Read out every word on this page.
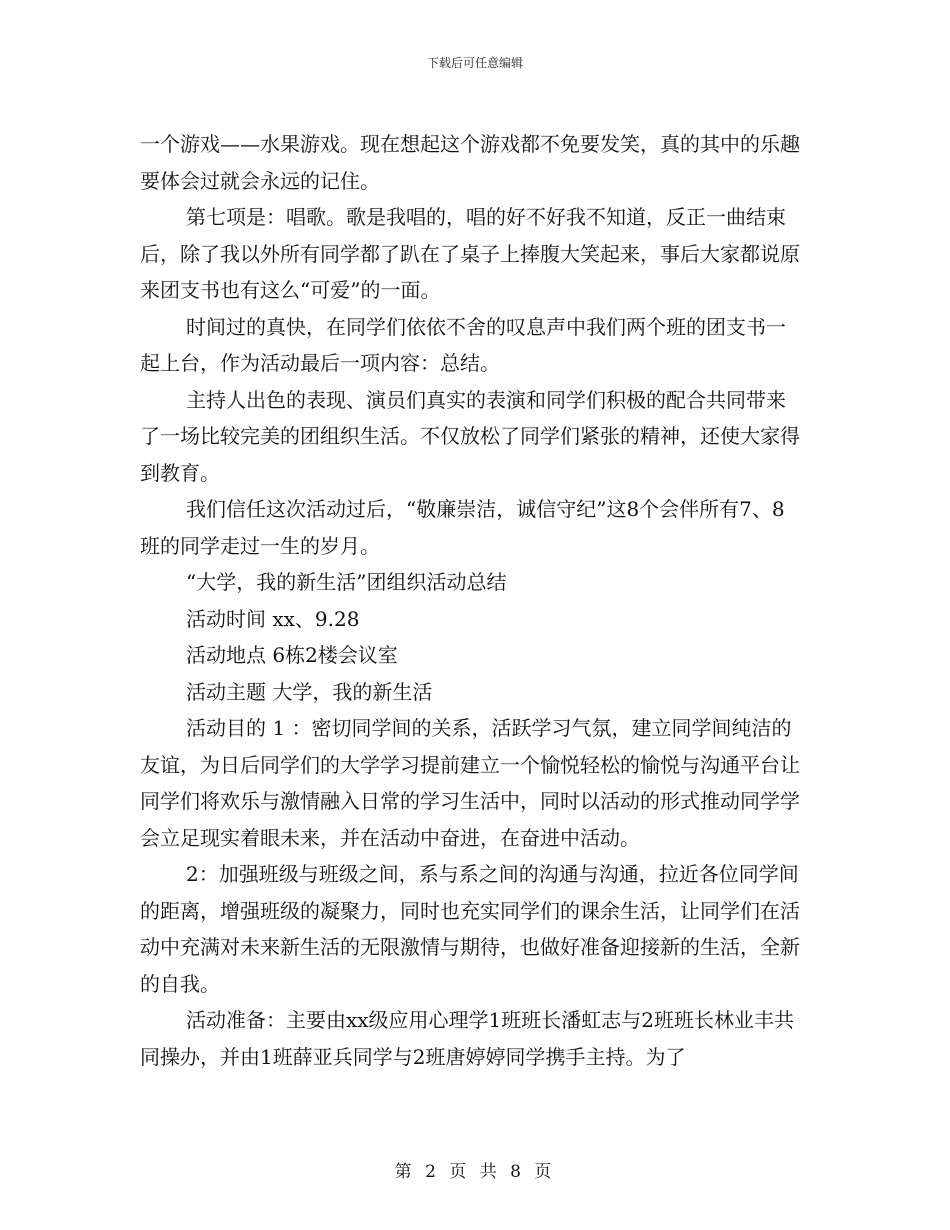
下载后可任意编辑

一个游戏——水果游戏。现在想起这个游戏都不免要发笑，真的其中的乐趣要体会过就会永远的记住。

第七项是：唱歌。歌是我唱的，唱的好不好我不知道，反正一曲结束后，除了我以外所有同学都了趴在了桌子上捧腹大笑起来，事后大家都说原来团支书也有这么“可爱”的一面。

时间过的真快，在同学们依依不舍的叹息声中我们两个班的团支书一起上台，作为活动最后一项内容：总结。

主持人出色的表现、演员们真实的表演和同学们积极的配合共同带来了一场比较完美的团组织生活。不仅放松了同学们紧张的精神，还使大家得到教育。

我们信任这次活动过后，“敬廉崇洁，诚信守纪”这8个会伴所有7、8班的同学走过一生的岁月。

“大学，我的新生活”团组织活动总结

活动时间 xx、9.28

活动地点 6栋2楼会议室

活动主题 大学，我的新生活

活动目的 1 ：密切同学间的关系，活跃学习气氛，建立同学间纯洁的友谊，为日后同学们的大学学习提前建立一个愉悦轻松的愉悦与沟通平台让同学们将欢乐与激情融入日常的学习生活中，同时以活动的形式推动同学学会立足现实着眼未来，并在活动中奋进，在奋进中活动。

2：加强班级与班级之间，系与系之间的沟通与沟通，拉近各位同学间的距离，增强班级的凝聚力，同时也充实同学们的课余生活，让同学们在活动中充满对未来新生活的无限激情与期待，也做好准备迎接新的生活，全新的自我。

活动准备：主要由xx级应用心理学1班班长潘虹志与2班班长林业丰共同操办，并由1班薛亚兵同学与2班唐婷婷同学携手主持。为了

第 2 页 共 8 页
